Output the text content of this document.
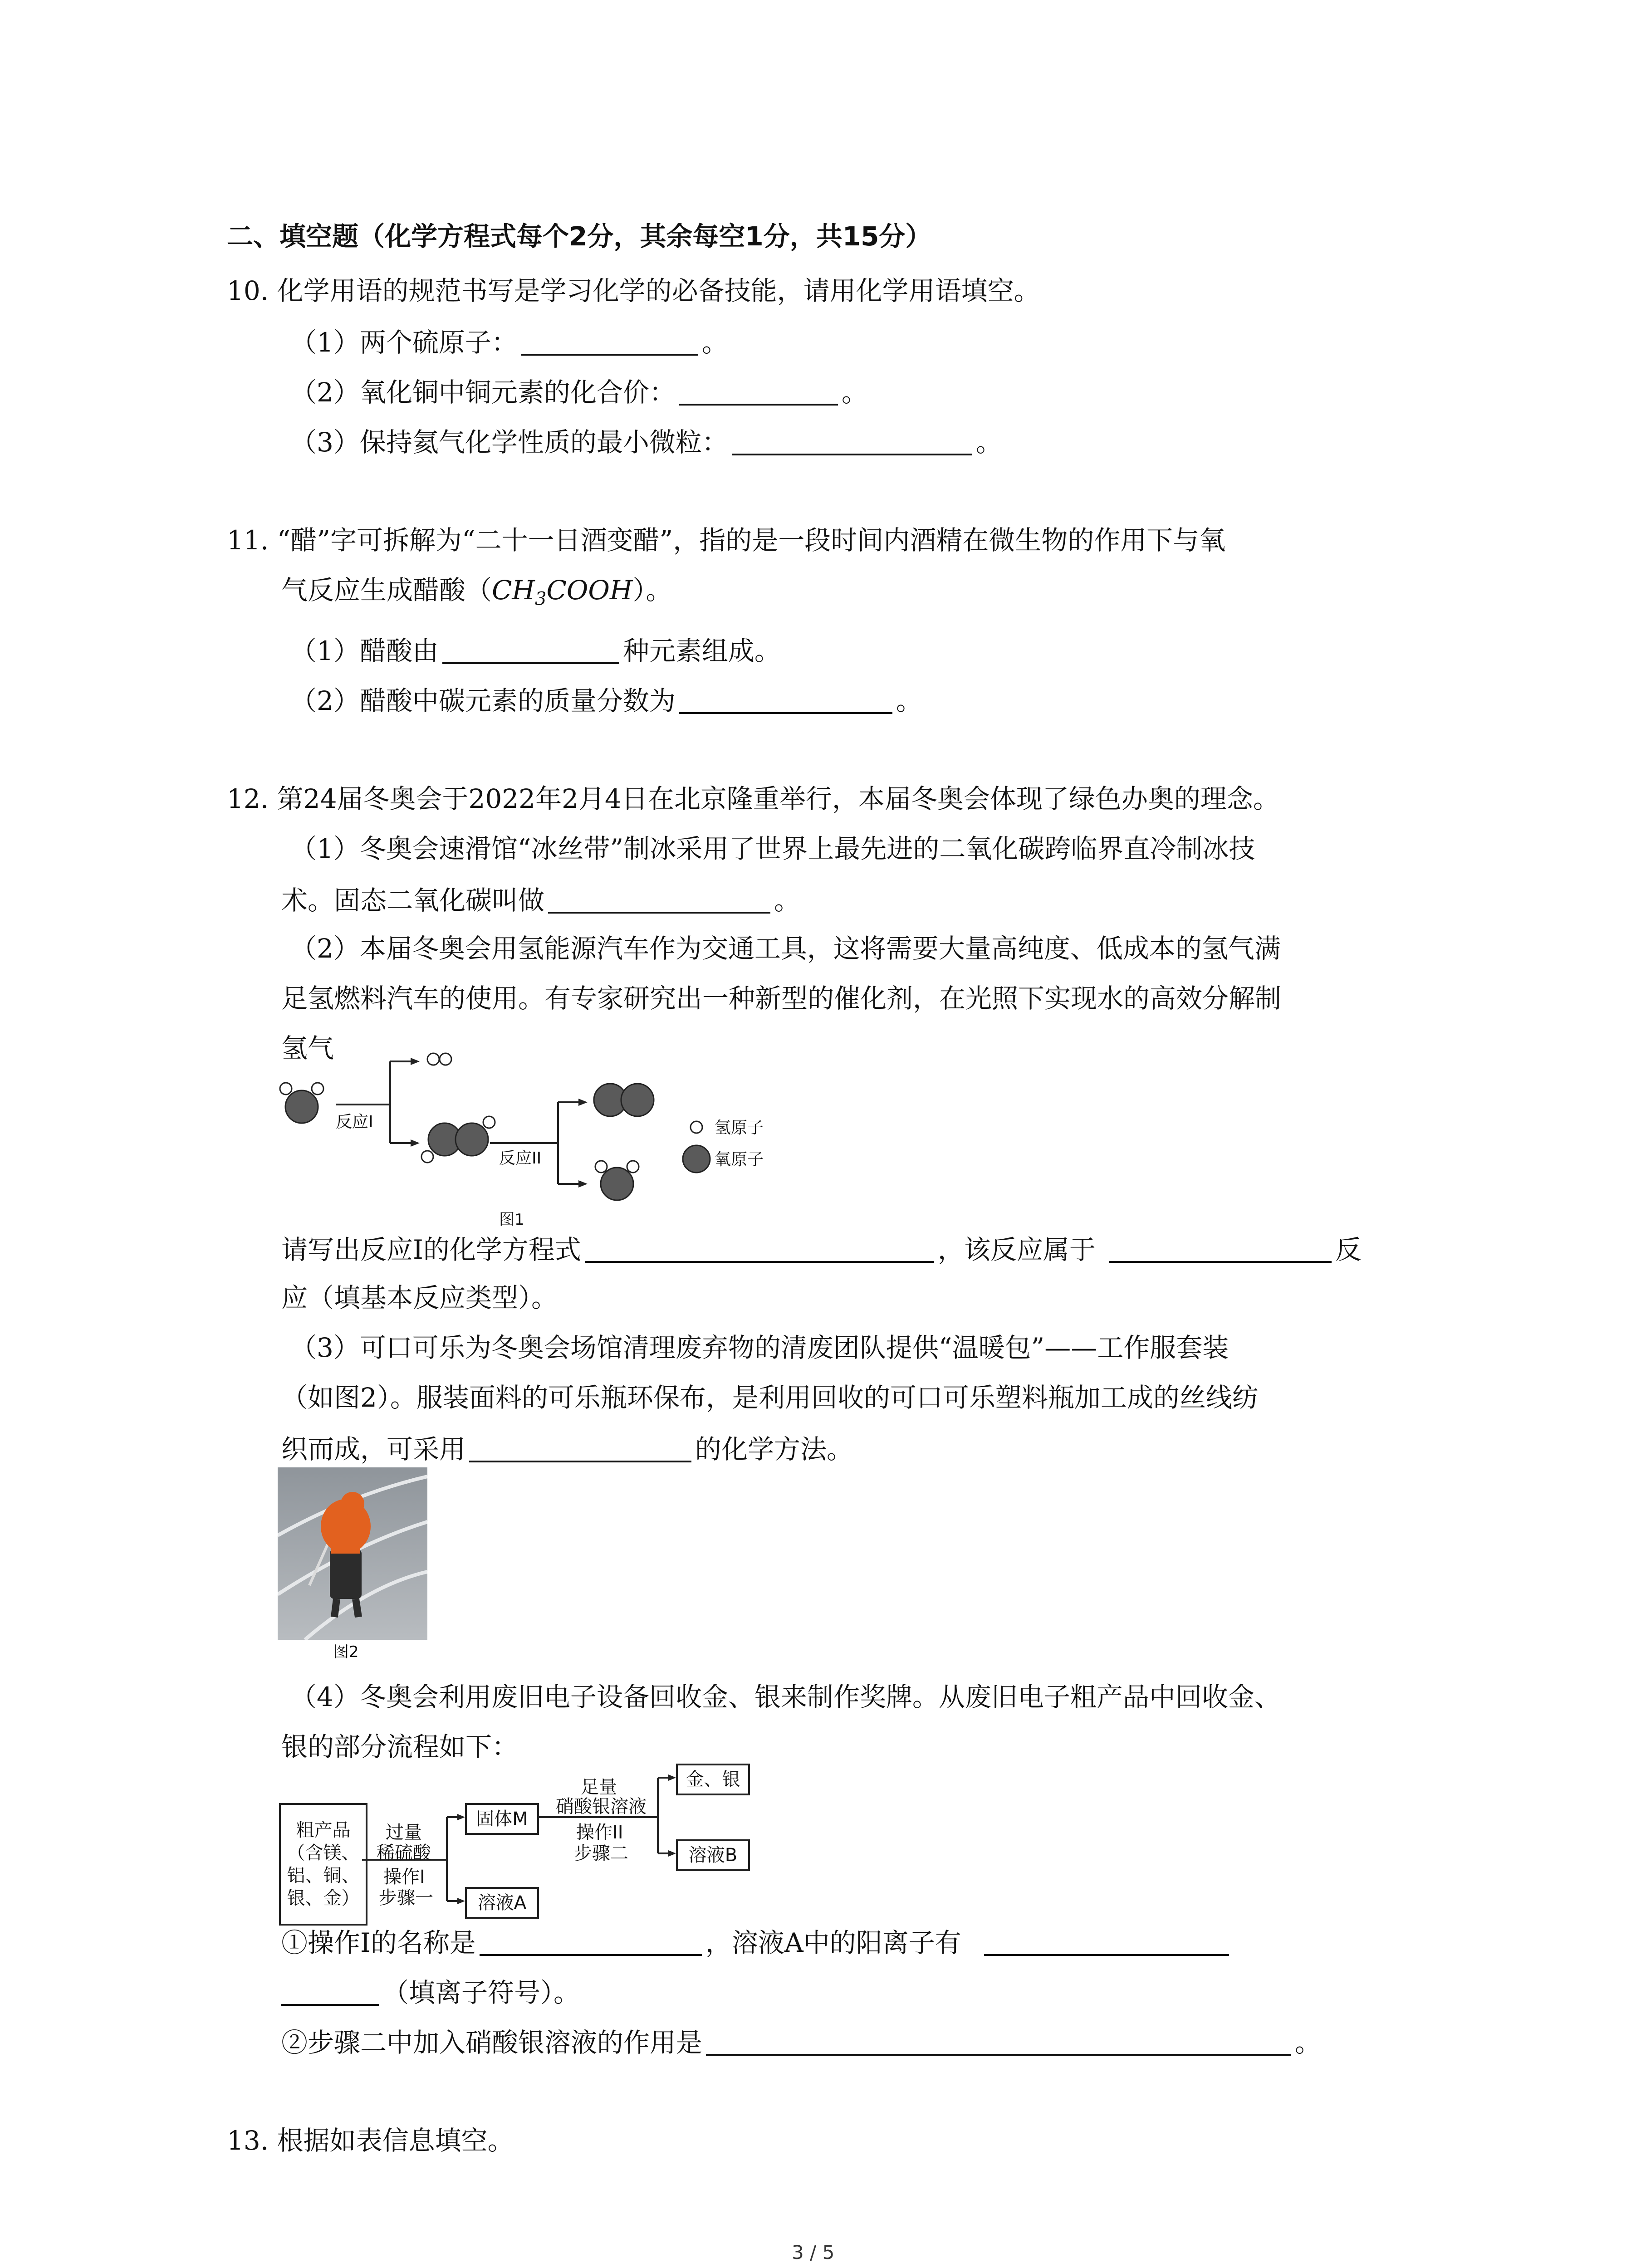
二、填空题（化学方程式每个2分，其余每空1分，共15分）
10. 化学用语的规范书写是学习化学的必备技能，请用化学用语填空。
（1）两个硫原子：	。
（2）氧化铜中铜元素的化合价：	。
（3）保持氦气化学性质的最小微粒：	。
11. “醋”字可拆解为“二十一日酒变醋”，指的是一段时间内酒精在微生物的作用下与氧
气反应生成醋酸$(CH_3COOH)$。
（1）醋酸由	种元素组成。
（2）醋酸中碳元素的质量分数为	。
12. 第24届冬奥会于2022年2月4日在北京隆重举行，本届冬奥会体现了绿色办奥的理念。
（1）冬奥会速滑馆“冰丝带”制冰采用了世界上最先进的二氧化碳跨临界直冷制冰技
术。固态二氧化碳叫做	。
（2）本届冬奥会用氢能源汽车作为交通工具，这将需要大量高纯度、低成本的氢气满
足氢燃料汽车的使用。有专家研究出一种新型的催化剂，在光照下实现水的高效分解制
氢气
反应I
反应II
氢原子
氧原子
图1
请写出反应Ⅰ的化学方程式	，该反应属于	反
应（填基本反应类型）。
（3）可口可乐为冬奥会场馆清理废弃物的清废团队提供“温暖包”——工作服套装
（如图2）。服装面料的可乐瓶环保布，是利用回收的可口可乐塑料瓶加工成的丝线纺
织而成，可采用	的化学方法。
图2
（4）冬奥会利用废旧电子设备回收金、银来制作奖牌。从废旧电子粗产品中回收金、
银的部分流程如下：
粗产品（含镁、铝、铜、银、金）
固体M
溶液A
金、银
溶液B
过量
稀硫酸
操作I
步骤一
足量
硝酸银溶液
操作II
步骤二
①操作Ⅰ的名称是	，溶液A中的阳离子有
（填离子符号）。
②步骤二中加入硝酸银溶液的作用是	。
13. 根据如表信息填空。
3 / 5
